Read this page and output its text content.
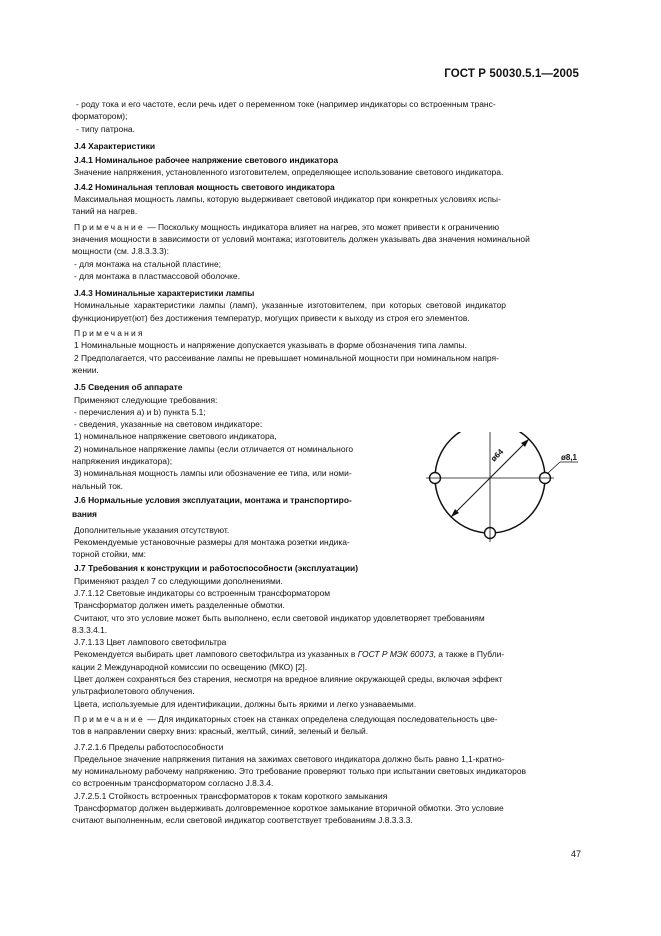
ГОСТ Р 50030.5.1—2005

- роду тока и его частоте, если речь идет о переменном токе (например индикаторы со встроенным транс-

форматором);

- типу патрона.

J.4 Характеристики

J.4.1 Номинальное рабочее напряжение светового индикатора

Значение напряжения, установленного изготовителем, определяющее использование светового индикатора.

J.4.2 Номинальная тепловая мощность светового индикатора

Максимальная мощность лампы, которую выдерживает световой индикатор при конкретных условиях испы-

таний на нагрев.

Примечание — Поскольку мощность индикатора влияет на нагрев, это может привести к ограничению

значения мощности в зависимости от условий монтажа; изготовитель должен указывать два значения номинальной

мощности (см. J.8.3.3.3):

- для монтажа на стальной пластине;

- для монтажа в пластмассовой оболочке.

J.4.3 Номинальные характеристики лампы

Номинальные характеристики лампы (ламп), указанные изготовителем, при которых световой индикатор

функционирует(ют) без достижения температур, могущих привести к выходу из строя его элементов.

Примечания

1 Номинальные мощность и напряжение допускается указывать в форме обозначения типа лампы.

2 Предполагается, что рассеивание лампы не превышает номинальной мощности при номинальном напря-

жении.

J.5 Сведения об аппарате

Применяют следующие требования:

- перечисления a) и b) пункта 5.1;

- сведения, указанные на световом индикаторе:

1) номинальное напряжение светового индикатора,

2) номинальное напряжение лампы (если отличается от номинального

напряжения индикатора);

3) номинальная мощность лампы или обозначение ее типа, или номи-

нальный ток.

J.6 Нормальные условия эксплуатации, монтажа и транспортиро-

вания

Дополнительные указания отсутствуют.

Рекомендуемые установочные размеры для монтажа розетки индика-

торной стойки, мм:

J.7 Требования к конструкции и работоспособности (эксплуатации)

Применяют раздел 7 со следующими дополнениями.

J.7.1.12 Световые индикаторы со встроенным трансформатором

Трансформатор должен иметь разделенные обмотки.

Считают, что это условие может быть выполнено, если световой индикатор удовлетворяет требованиям

8.3.3.4.1.

J.7.1.13 Цвет лампового светофильтра

Рекомендуется выбирать цвет лампового светофильтра из указанных в ГОСТ Р МЭК 60073, а также в Публи-

кации 2 Международной комиссии по освещению (МКО) [2].

Цвет должен сохраняться без старения, несмотря на вредное влияние окружающей среды, включая эффект

ультрафиолетового облучения.

Цвета, используемые для идентификации, должны быть яркими и легко узнаваемыми.

Примечание — Для индикаторных стоек на станках определена следующая последовательность цве-

тов в направлении сверху вниз: красный, желтый, синий, зеленый и белый.

J.7.2.1.6 Пределы работоспособности

Предельное значение напряжения питания на зажимах светового индикатора должно быть равно 1,1-кратно-

му номинальному рабочему напряжению. Это требование проверяют только при испытании световых индикаторов

со встроенным трансформатором согласно J.8.3.4.

J.7.2.5.1 Стойкость встроенных трансформаторов к токам короткого замыкания

Трансформатор должен выдерживать долговременное короткое замыкание вторичной обмотки. Это условие

считают выполненным, если световой индикатор соответствует требованиям J.8.3.3.3.

ø64	ø8,1
47
